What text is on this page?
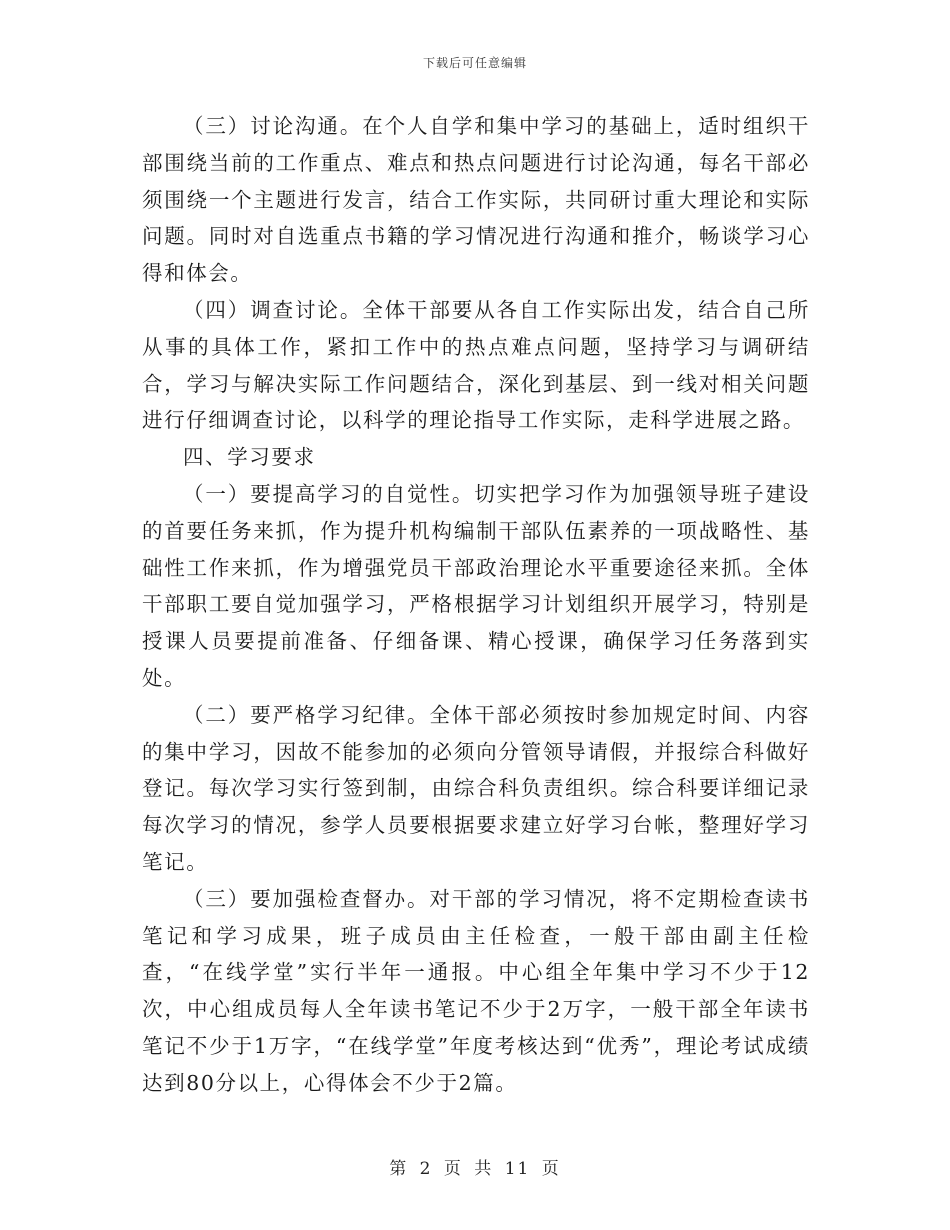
下载后可任意编辑

（三）讨论沟通。在个人自学和集中学习的基础上，适时组织干部围绕当前的工作重点、难点和热点问题进行讨论沟通，每名干部必须围绕一个主题进行发言，结合工作实际，共同研讨重大理论和实际问题。同时对自选重点书籍的学习情况进行沟通和推介，畅谈学习心得和体会。

（四）调查讨论。全体干部要从各自工作实际出发，结合自己所从事的具体工作，紧扣工作中的热点难点问题，坚持学习与调研结合，学习与解决实际工作问题结合，深化到基层、到一线对相关问题进行仔细调查讨论，以科学的理论指导工作实际，走科学进展之路。

四、学习要求

（一）要提高学习的自觉性。切实把学习作为加强领导班子建设的首要任务来抓，作为提升机构编制干部队伍素养的一项战略性、基础性工作来抓，作为增强党员干部政治理论水平重要途径来抓。全体干部职工要自觉加强学习，严格根据学习计划组织开展学习，特别是授课人员要提前准备、仔细备课、精心授课，确保学习任务落到实处。

（二）要严格学习纪律。全体干部必须按时参加规定时间、内容的集中学习，因故不能参加的必须向分管领导请假，并报综合科做好登记。每次学习实行签到制，由综合科负责组织。综合科要详细记录每次学习的情况，参学人员要根据要求建立好学习台帐，整理好学习笔记。

（三）要加强检查督办。对干部的学习情况，将不定期检查读书笔记和学习成果，班子成员由主任检查，一般干部由副主任检查，“在线学堂”实行半年一通报。中心组全年集中学习不少于12次，中心组成员每人全年读书笔记不少于2万字，一般干部全年读书笔记不少于1万字，“在线学堂”年度考核达到“优秀”，理论考试成绩达到80分以上，心得体会不少于2篇。

第 2 页 共 11 页
